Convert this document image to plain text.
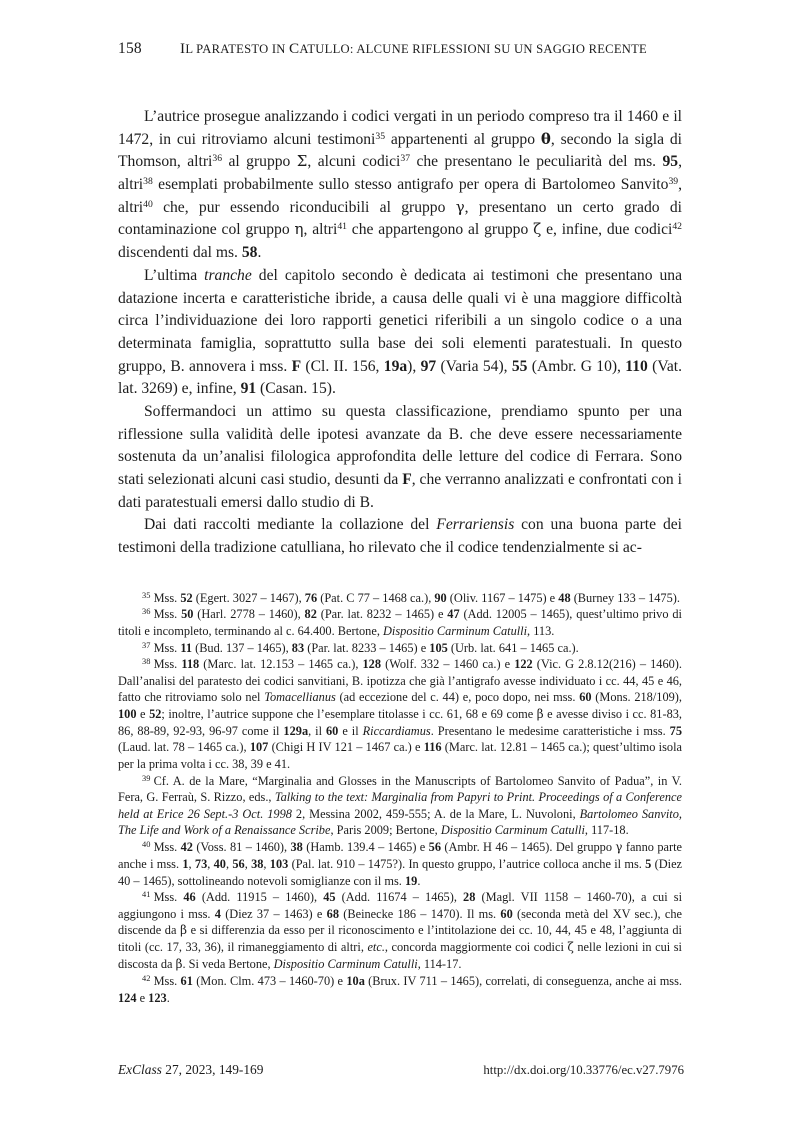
158	IL PARATESTO IN CATULLO: ALCUNE RIFLESSIONI SU UN SAGGIO RECENTE

L’autrice prosegue analizzando i codici vergati in un periodo compreso tra il 1460 e il 1472, in cui ritroviamo alcuni testimoni$^{35}$ appartenenti al gruppo θ, secondo la sigla di Thomson, altri$^{36}$ al gruppo Σ, alcuni codici$^{37}$ che presentano le peculiarità del ms. 95, altri$^{38}$ esemplati probabilmente sullo stesso antigrafo per opera di Bartolomeo Sanvito$^{39}$, altri$^{40}$ che, pur essendo riconducibili al gruppo γ, presentano un certo grado di contaminazione col gruppo η, altri$^{41}$ che appartengono al gruppo ζ e, infine, due codici$^{42}$ discendenti dal ms. 58.

L’ultima tranche del capitolo secondo è dedicata ai testimoni che presentano una datazione incerta e caratteristiche ibride, a causa delle quali vi è una maggiore difficoltà circa l’individuazione dei loro rapporti genetici riferibili a un singolo codice o a una determinata famiglia, soprattutto sulla base dei soli elementi paratestuali. In questo gruppo, B. annovera i mss. F (Cl. II. 156, 19a), 97 (Varia 54), 55 (Ambr. G 10), 110 (Vat. lat. 3269) e, infine, 91 (Casan. 15).

Soffermandoci un attimo su questa classificazione, prendiamo spunto per una riflessione sulla validità delle ipotesi avanzate da B. che deve essere necessariamente sostenuta da un’analisi filologica approfondita delle letture del codice di Ferrara. Sono stati selezionati alcuni casi studio, desunti da F, che verranno analizzati e confrontati con i dati paratestuali emersi dallo studio di B.

Dai dati raccolti mediante la collazione del Ferrariensis con una buona parte dei testimoni della tradizione catulliana, ho rilevato che il codice tendenzialmente si ac-

$^{35}$ Mss. 52 (Egert. 3027 – 1467), 76 (Pat. C 77 – 1468 ca.), 90 (Oliv. 1167 – 1475) e 48 (Burney 133 – 1475).

$^{36}$ Mss. 50 (Harl. 2778 – 1460), 82 (Par. lat. 8232 – 1465) e 47 (Add. 12005 – 1465), quest’ultimo privo di titoli e incompleto, terminando al c. 64.400. Bertone, Dispositio Carminum Catulli, 113.

$^{37}$ Mss. 11 (Bud. 137 – 1465), 83 (Par. lat. 8233 – 1465) e 105 (Urb. lat. 641 – 1465 ca.).

$^{38}$ Mss. 118 (Marc. lat. 12.153 – 1465 ca.), 128 (Wolf. 332 – 1460 ca.) e 122 (Vic. G 2.8.12(216) – 1460). Dall’analisi del paratesto dei codici sanvitiani, B. ipotizza che già l’antigrafo avesse individuato i cc. 44, 45 e 46, fatto che ritroviamo solo nel Tomacellianus (ad eccezione del c. 44) e, poco dopo, nei mss. 60 (Mons. 218/109), 100 e 52; inoltre, l’autrice suppone che l’esemplare titolasse i cc. 61, 68 e 69 come β e avesse diviso i cc. 81-83, 86, 88-89, 92-93, 96-97 come il 129a, il 60 e il Riccardiamus. Presentano le medesime caratteristiche i mss. 75 (Laud. lat. 78 – 1465 ca.), 107 (Chigi H IV 121 – 1467 ca.) e 116 (Marc. lat. 12.81 – 1465 ca.); quest’ultimo isola per la prima volta i cc. 38, 39 e 41.

$^{39}$ Cf. A. de la Mare, “Marginalia and Glosses in the Manuscripts of Bartolomeo Sanvito of Padua”, in V. Fera, G. Ferraù, S. Rizzo, eds., Talking to the text: Marginalia from Papyri to Print. Proceedings of a Conference held at Erice 26 Sept.-3 Oct. 1998 2, Messina 2002, 459-555; A. de la Mare, L. Nuvoloni, Bartolomeo Sanvito, The Life and Work of a Renaissance Scribe, Paris 2009; Bertone, Dispositio Carminum Catulli, 117-18.

$^{40}$ Mss. 42 (Voss. 81 – 1460), 38 (Hamb. 139.4 – 1465) e 56 (Ambr. H 46 – 1465). Del gruppo γ fanno parte anche i mss. 1, 73, 40, 56, 38, 103 (Pal. lat. 910 – 1475?). In questo gruppo, l’autrice colloca anche il ms. 5 (Diez 40 – 1465), sottolineando notevoli somiglianze con il ms. 19.

$^{41}$ Mss. 46 (Add. 11915 – 1460), 45 (Add. 11674 – 1465), 28 (Magl. VII 1158 – 1460-70), a cui si aggiungono i mss. 4 (Diez 37 – 1463) e 68 (Beinecke 186 – 1470). Il ms. 60 (seconda metà del XV sec.), che discende da β e si differenzia da esso per il riconoscimento e l’intitolazione dei cc. 10, 44, 45 e 48, l’aggiunta di titoli (cc. 17, 33, 36), il rimaneggiamento di altri, etc., concorda maggiormente coi codici ζ nelle lezioni in cui si discosta da β. Si veda Bertone, Dispositio Carminum Catulli, 114-17.

$^{42}$ Mss. 61 (Mon. Clm. 473 – 1460-70) e 10a (Brux. IV 711 – 1465), correlati, di conseguenza, anche ai mss. 124 e 123.

ExClass 27, 2023, 149-169	http://dx.doi.org/10.33776/ec.v27.7976
